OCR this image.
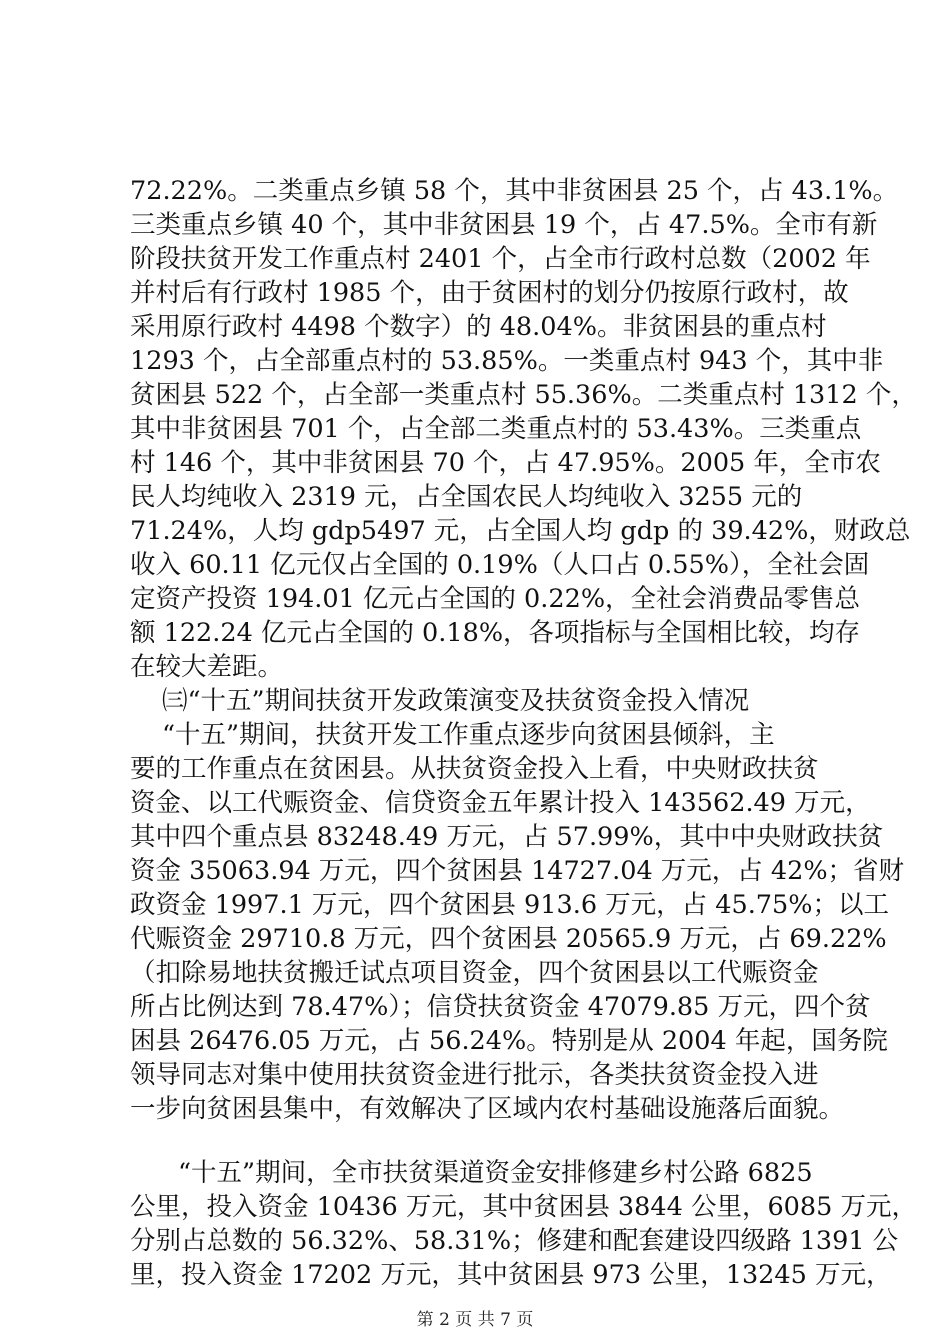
72.22%。二类重点乡镇 58 个，其中非贫困县 25 个，占 43.1%。
三类重点乡镇 40 个，其中非贫困县 19 个，占 47.5%。全市有新
阶段扶贫开发工作重点村 2401 个，占全市行政村总数（2002 年
并村后有行政村 1985 个，由于贫困村的划分仍按原行政村，故
采用原行政村 4498 个数字）的 48.04%。非贫困县的重点村
1293 个，占全部重点村的 53.85%。一类重点村 943 个，其中非
贫困县 522 个，占全部一类重点村 55.36%。二类重点村 1312 个，
其中非贫困县 701 个，占全部二类重点村的 53.43%。三类重点
村 146 个，其中非贫困县 70 个，占 47.95%。2005 年，全市农
民人均纯收入 2319 元，占全国农民人均纯收入 3255 元的
71.24%，人均 gdp5497 元，占全国人均 gdp 的 39.42%，财政总
收入 60.11 亿元仅占全国的 0.19%（人口占 0.55%），全社会固
定资产投资 194.01 亿元占全国的 0.22%，全社会消费品零售总
额 122.24 亿元占全国的 0.18%，各项指标与全国相比较，均存
在较大差距。
㈢“十五”期间扶贫开发政策演变及扶贫资金投入情况
“十五”期间，扶贫开发工作重点逐步向贫困县倾斜，主
要的工作重点在贫困县。从扶贫资金投入上看，中央财政扶贫
资金、以工代赈资金、信贷资金五年累计投入 143562.49 万元，
其中四个重点县 83248.49 万元，占 57.99%，其中中央财政扶贫
资金 35063.94 万元，四个贫困县 14727.04 万元，占 42%；省财
政资金 1997.1 万元，四个贫困县 913.6 万元，占 45.75%；以工
代赈资金 29710.8 万元，四个贫困县 20565.9 万元，占 69.22%
（扣除易地扶贫搬迁试点项目资金，四个贫困县以工代赈资金
所占比例达到 78.47%）；信贷扶贫资金 47079.85 万元，四个贫
困县 26476.05 万元，占 56.24%。特别是从 2004 年起，国务院
领导同志对集中使用扶贫资金进行批示，各类扶贫资金投入进
一步向贫困县集中，有效解决了区域内农村基础设施落后面貌。
“十五”期间，全市扶贫渠道资金安排修建乡村公路 6825
公里，投入资金 10436 万元，其中贫困县 3844 公里，6085 万元，
分别占总数的 56.32%、58.31%；修建和配套建设四级路 1391 公
里，投入资金 17202 万元，其中贫困县 973 公里，13245 万元，
第 2 页 共 7 页
